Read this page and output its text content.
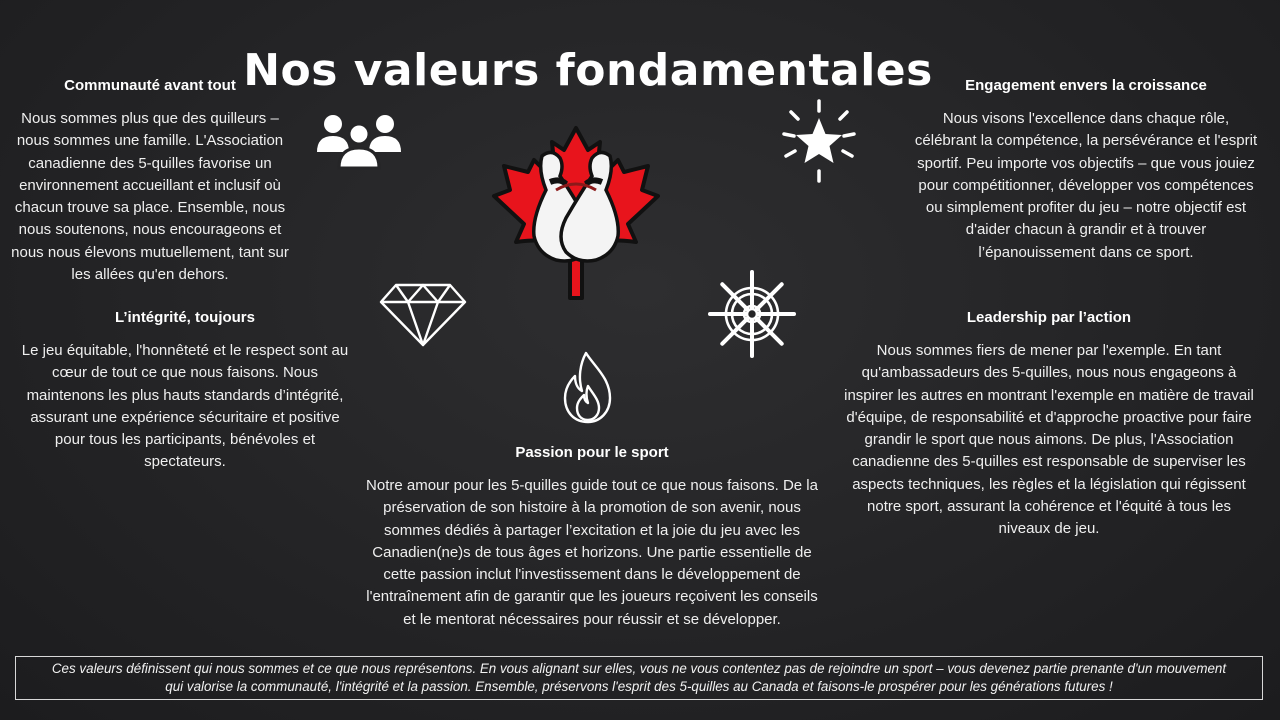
Nos valeurs fondamentales
Communauté avant tout

Nous sommes plus que des quilleurs – nous sommes une famille. L'Association canadienne des 5-quilles favorise un environnement accueillant et inclusif où chacun trouve sa place. Ensemble, nous nous soutenons, nous encourageons et nous nous élevons mutuellement, tant sur les allées qu'en dehors.

L’intégrité, toujours

Le jeu équitable, l'honnêteté et le respect sont au cœur de tout ce que nous faisons. Nous maintenons les plus hauts standards d’intégrité, assurant une expérience sécuritaire et positive pour tous les participants, bénévoles et spectateurs.

Passion pour le sport

Notre amour pour les 5-quilles guide tout ce que nous faisons. De la préservation de son histoire à la promotion de son avenir, nous sommes dédiés à partager l’excitation et la joie du jeu avec les Canadien(ne)s de tous âges et horizons. Une partie essentielle de cette passion inclut l'investissement dans le développement de l'entraînement afin de garantir que les joueurs reçoivent les conseils et le mentorat nécessaires pour réussir et se développer.

Engagement envers la croissance

Nous visons l'excellence dans chaque rôle, célébrant la compétence, la persévérance et l'esprit sportif. Peu importe vos objectifs – que vous jouiez pour compétitionner, développer vos compétences ou simplement profiter du jeu – notre objectif est d'aider chacun à grandir et à trouver l’épanouissement dans ce sport.

Leadership par l’action

Nous sommes fiers de mener par l'exemple. En tant qu'ambassadeurs des 5-quilles, nous nous engageons à inspirer les autres en montrant l'exemple en matière de travail d'équipe, de responsabilité et d'approche proactive pour faire grandir le sport que nous aimons. De plus, l'Association canadienne des 5-quilles est responsable de superviser les aspects techniques, les règles et la législation qui régissent notre sport, assurant la cohérence et l'équité à tous les niveaux de jeu.

Ces valeurs définissent qui nous sommes et ce que nous représentons. En vous alignant sur elles, vous ne vous contentez pas de rejoindre un sport – vous devenez partie prenante d'un mouvement qui valorise la communauté, l'intégrité et la passion. Ensemble, préservons l'esprit des 5-quilles au Canada et faisons-le prospérer pour les générations futures !
